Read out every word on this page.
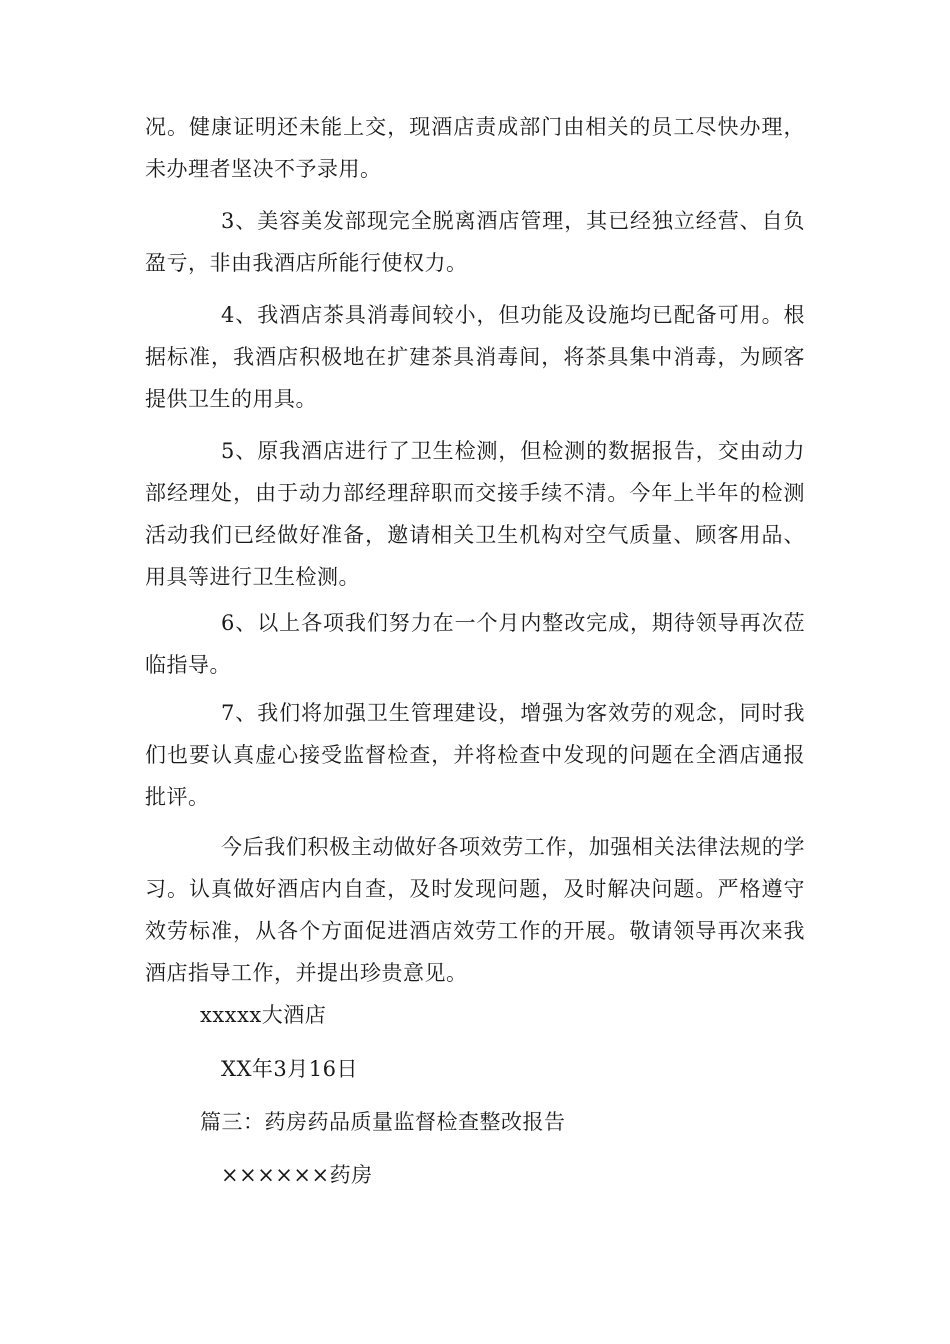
况。健康证明还未能上交，现酒店责成部门由相关的员工尽快办理，未办理者坚决不予录用。

3、美容美发部现完全脱离酒店管理，其已经独立经营、自负盈亏，非由我酒店所能行使权力。

4、我酒店茶具消毒间较小，但功能及设施均已配备可用。根据标准，我酒店积极地在扩建茶具消毒间，将茶具集中消毒，为顾客提供卫生的用具。

5、原我酒店进行了卫生检测，但检测的数据报告，交由动力部经理处，由于动力部经理辞职而交接手续不清。今年上半年的检测活动我们已经做好准备，邀请相关卫生机构对空气质量、顾客用品、用具等进行卫生检测。

6、以上各项我们努力在一个月内整改完成，期待领导再次莅临指导。

7、我们将加强卫生管理建设，增强为客效劳的观念，同时我们也要认真虚心接受监督检查，并将检查中发现的问题在全酒店通报批评。

今后我们积极主动做好各项效劳工作，加强相关法律法规的学习。认真做好酒店内自查，及时发现问题，及时解决问题。严格遵守效劳标准，从各个方面促进酒店效劳工作的开展。敬请领导再次来我酒店指导工作，并提出珍贵意见。

xxxxx大酒店

XX年3月16日

篇三：药房药品质量监督检查整改报告

××××××药房
